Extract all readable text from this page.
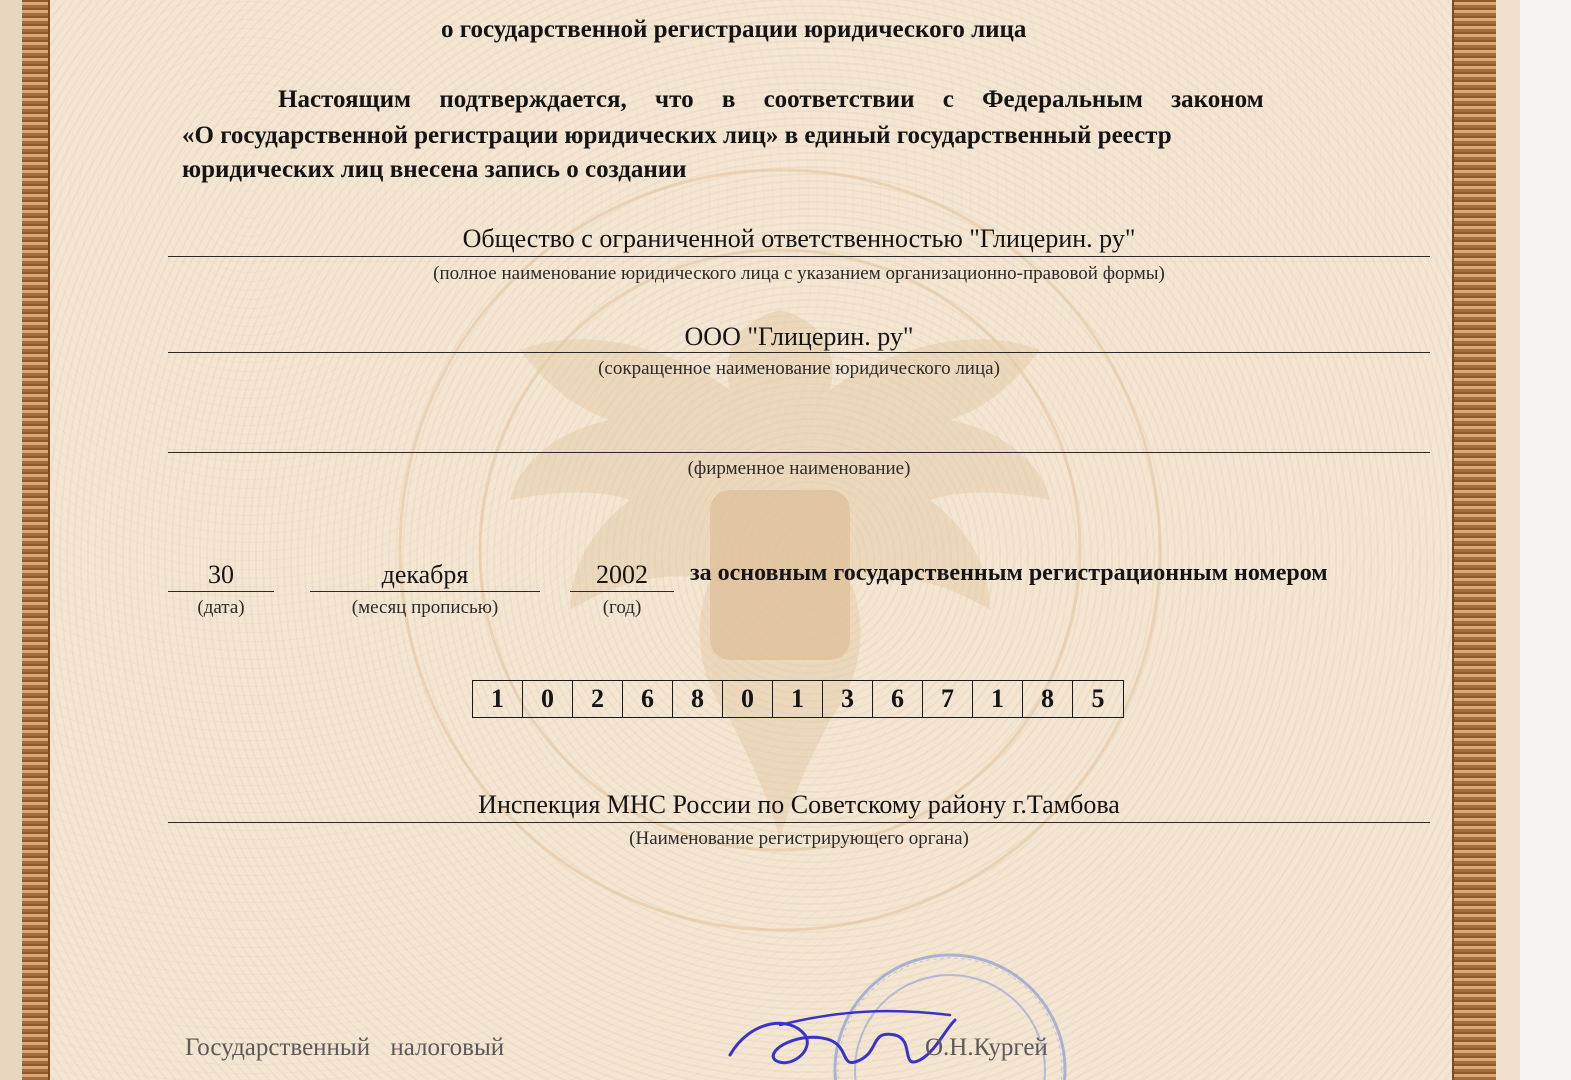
о государственной регистрации юридического лица
Настоящим подтверждается, что в соответствии с Федеральным законом
«О государственной регистрации юридических лиц» в единый государственный реестр
юридических лиц внесена запись о создании
Общество с ограниченной ответственностью "Глицерин. ру"
(полное наименование юридического лица с указанием организационно-правовой формы)
ООО "Глицерин. ру"
(сокращенное наименование юридического лица)
(фирменное наименование)
30
(дата)
декабря
(месяц прописью)
2002
(год)
за основным государственным регистрационным номером
1	0	2	6	8	0	1	3	6	7	1	8	5
Инспекция МНС России по Советскому району г.Тамбова
(Наименование регистрирующего органа)
Государственный налоговый	О.Н.Кургей
